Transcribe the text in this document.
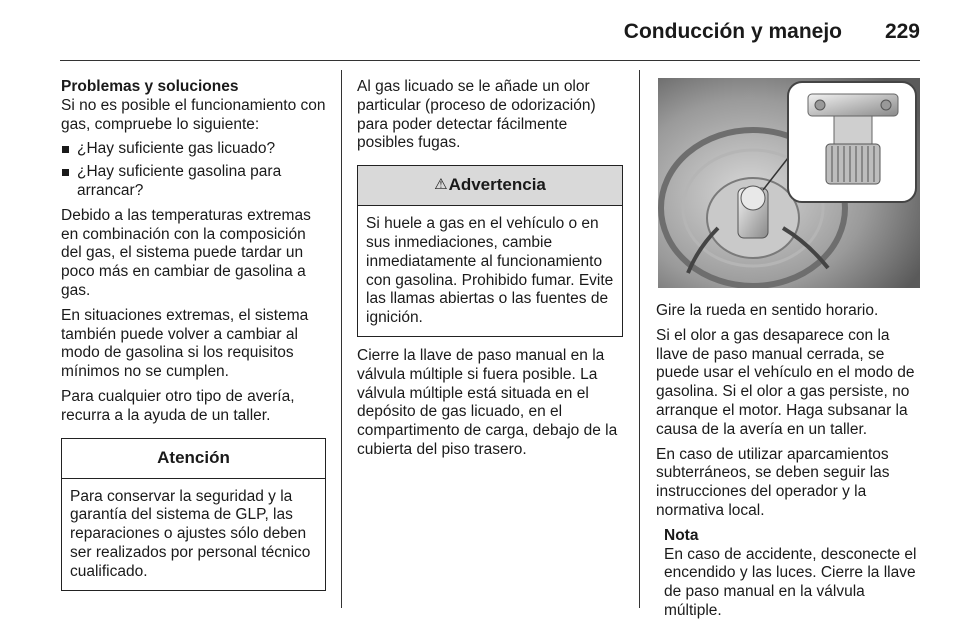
Conducción y manejo 229

Problemas y soluciones

Si no es posible el funcionamiento con gas, compruebe lo siguiente:

¿Hay suficiente gas licuado?
¿Hay suficiente gasolina para arrancar?

Debido a las temperaturas extremas en combinación con la composición del gas, el sistema puede tardar un poco más en cambiar de gasolina a gas.

En situaciones extremas, el sistema también puede volver a cambiar al modo de gasolina si los requisitos mínimos no se cumplen.

Para cualquier otro tipo de avería, recurra a la ayuda de un taller.

Atención

Para conservar la seguridad y la garantía del sistema de GLP, las reparaciones o ajustes sólo deben ser realizados por personal técnico cualificado.

Al gas licuado se le añade un olor particular (proceso de odorización) para poder detectar fácilmente posibles fugas.

⚠ Advertencia

Si huele a gas en el vehículo o en sus inmediaciones, cambie inmediatamente al funcionamiento con gasolina. Prohibido fumar. Evite las llamas abiertas o las fuentes de ignición.

Cierre la llave de paso manual en la válvula múltiple si fuera posible. La válvula múltiple está situada en el depósito de gas licuado, en el compartimento de carga, debajo de la cubierta del piso trasero.

Gire la rueda en sentido horario.

Si el olor a gas desaparece con la llave de paso manual cerrada, se puede usar el vehículo en el modo de gasolina. Si el olor a gas persiste, no arranque el motor. Haga subsanar la causa de la avería en un taller.

En caso de utilizar aparcamientos subterráneos, se deben seguir las instrucciones del operador y la normativa local.

Nota

En caso de accidente, desconecte el encendido y las luces. Cierre la llave de paso manual en la válvula múltiple.
